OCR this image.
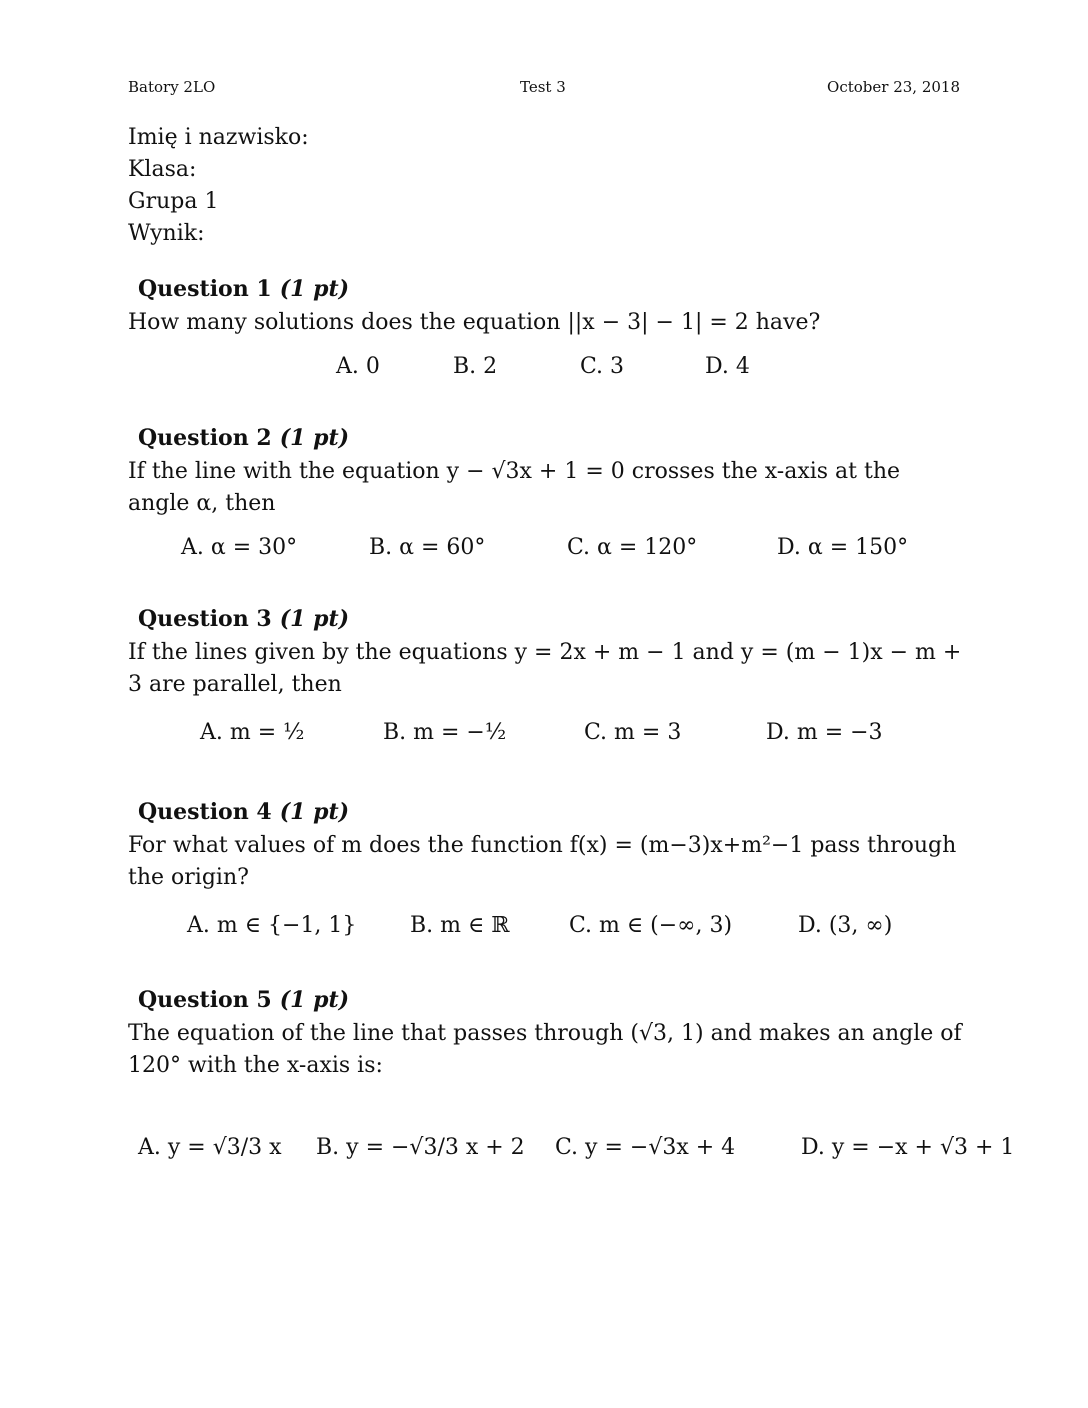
Batory 2LO	Test 3	October 23, 2018
Imię i nazwisko:
Klasa:
Grupa 1
Wynik:
Question 1 (1 pt)

How many solutions does the equation ||x − 3| − 1| = 2 have?

A. 0	B. 2	C. 3	D. 4
Question 2 (1 pt)

If the line with the equation y − √3x + 1 = 0 crosses the x-axis at the angle α, then

A. α = 30°	B. α = 60°	C. α = 120°	D. α = 150°
Question 3 (1 pt)

If the lines given by the equations y = 2x + m − 1 and y = (m − 1)x − m + 3 are parallel, then

A. m = ½	B. m = −½	C. m = 3	D. m = −3
Question 4 (1 pt)

For what values of m does the function f(x) = (m−3)x+m²−1 pass through the origin?

A. m ∈ {−1, 1} B. m ∈ ℝ	C. m ∈ (−∞, 3)	D. (3, ∞)
Question 5 (1 pt)

The equation of the line that passes through (√3, 1) and makes an angle of 120° with the x-axis is:

A. y = √3/3 x B. y = −√3/3 x + 2 C. y = −√3x + 4	D. y = −x + √3 + 1
